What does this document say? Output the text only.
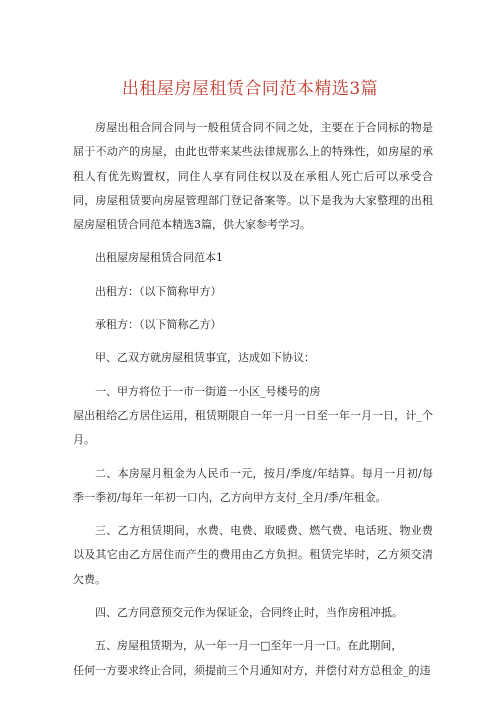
出租屋房屋租赁合同范本精选3篇

房屋出租合同合同与一般租赁合同不同之处，主要在于合同标的物是屈于不动产的房屋，由此也带来某些法律规那么上的特殊性，如房屋的承租人有优先购置权，同住人享有同住权以及在承租人死亡后可以承受合同，房屋租赁要向房屋管理部门登记备案等。以下是我为大家整理的出租屋房屋租赁合同范本精选3篇，供大家参考学习。

出租屋房屋租赁合同范本1

出租方：（以下简称甲方）

承租方：（以下简称乙方）

甲、乙双方就房屋租赁事宜，达成如下协议：

一、甲方将位于一市一街道一小区_号楼号的房

屋出租给乙方居住运用，租赁期限自一年一月一日至一年一月一日，计_个月。

二、本房屋月租金为人民币一元，按月/季度/年结算。每月一月初/每季一季初/每年一年初一口内，乙方向甲方支付_全月/季/年租金。

三、乙方租赁期间，水费、电费、取暖费、燃气费、电话班、物业费以及其它由乙方居住而产生的费用由乙方负担。租赁完毕时，乙方须交清欠费。

四、乙方同意预交元作为保证金，合同终止时，当作房租冲抵。

五、房屋租赁期为，从一年一月一□至年一月一口。在此期间，

任何一方要求终止合同，须提前三个月通知对方，并偿付对方总租金_的违
